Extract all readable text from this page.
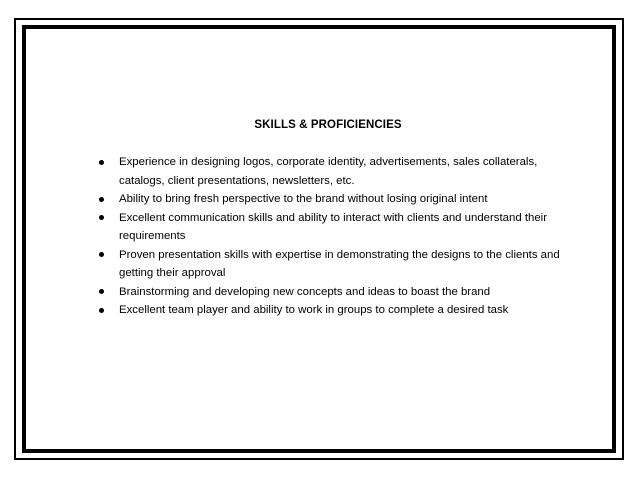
SKILLS & PROFICIENCIES
Experience in designing logos, corporate identity, advertisements, sales collaterals, catalogs, client presentations, newsletters, etc.
Ability to bring fresh perspective to the brand without losing original intent
Excellent communication skills and ability to interact with clients and understand their requirements
Proven presentation skills with expertise in demonstrating the designs to the clients and getting their approval
Brainstorming and developing new concepts and ideas to boast the brand
Excellent team player and ability to work in groups to complete a desired task
